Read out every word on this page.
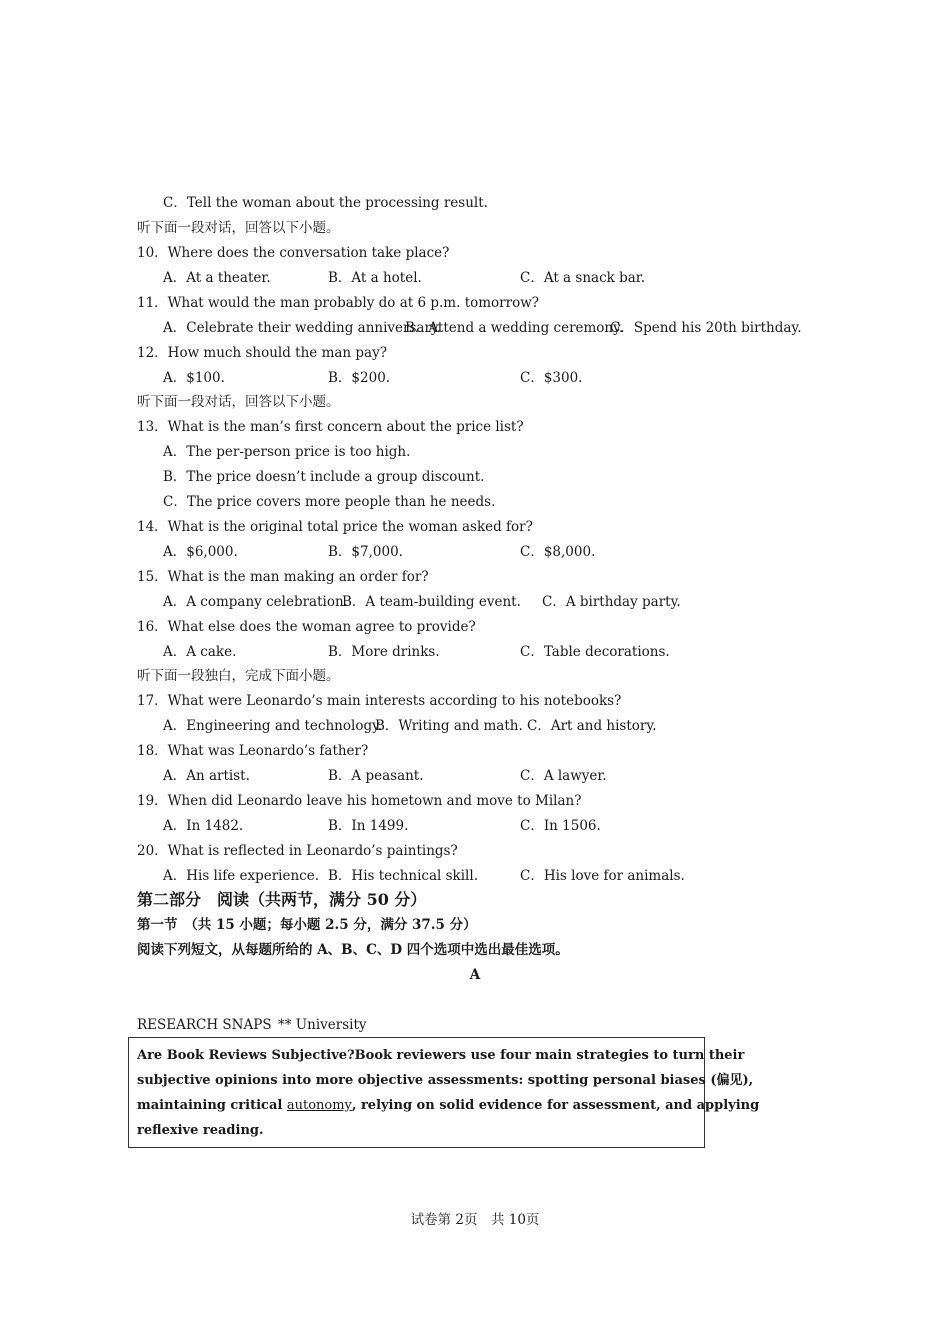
C．Tell the woman about the processing result.
听下面一段对话，回答以下小题。
10．Where does the conversation take place?
A．At a theater.	B．At a hotel.	C．At a snack bar.
11．What would the man probably do at 6 p.m. tomorrow?
A．Celebrate their wedding anniversary.
B．Attend a wedding ceremony.
C．Spend his 20th birthday.
12．How much should the man pay?
A．$100.	B．$200.	C．$300.
听下面一段对话，回答以下小题。
13．What is the man’s first concern about the price list?
A．The per-person price is too high.
B．The price doesn’t include a group discount.
C．The price covers more people than he needs.
14．What is the original total price the woman asked for?
A．$6,000.	B．$7,000.	C．$8,000.
15．What is the man making an order for?
A．A company celebration.
B．A team-building event. C．A birthday party.
16．What else does the woman agree to provide?
A．A cake.	B．More drinks.	C．Table decorations.
听下面一段独白，完成下面小题。
17．What were Leonardo’s main interests according to his notebooks?
A．Engineering and technology.
B．Writing and math. C．Art and history.
18．What was Leonardo’s father?
A．An artist.	B．A peasant.	C．A lawyer.
19．When did Leonardo leave his hometown and move to Milan?
A．In 1482.	B．In 1499.	C．In 1506.
20．What is reflected in Leonardo’s paintings?
A．His life experience. B．His technical skill.	C．His love for animals.
第二部分　阅读（共两节，满分 50 分）
第一节　（共 15 小题；每小题 2.5 分，满分 37.5 分）
阅读下列短文，从每题所给的 A、B、C、D 四个选项中选出最佳选项。
A
RESEARCH SNAPS ** University
Are Book Reviews Subjective?Book reviewers use four main strategies to turn their
subjective opinions into more objective assessments: spotting personal biases (偏见),
maintaining critical autonomy, relying on solid evidence for assessment, and applying
reflexive reading.
试卷第 2页　共 10页
